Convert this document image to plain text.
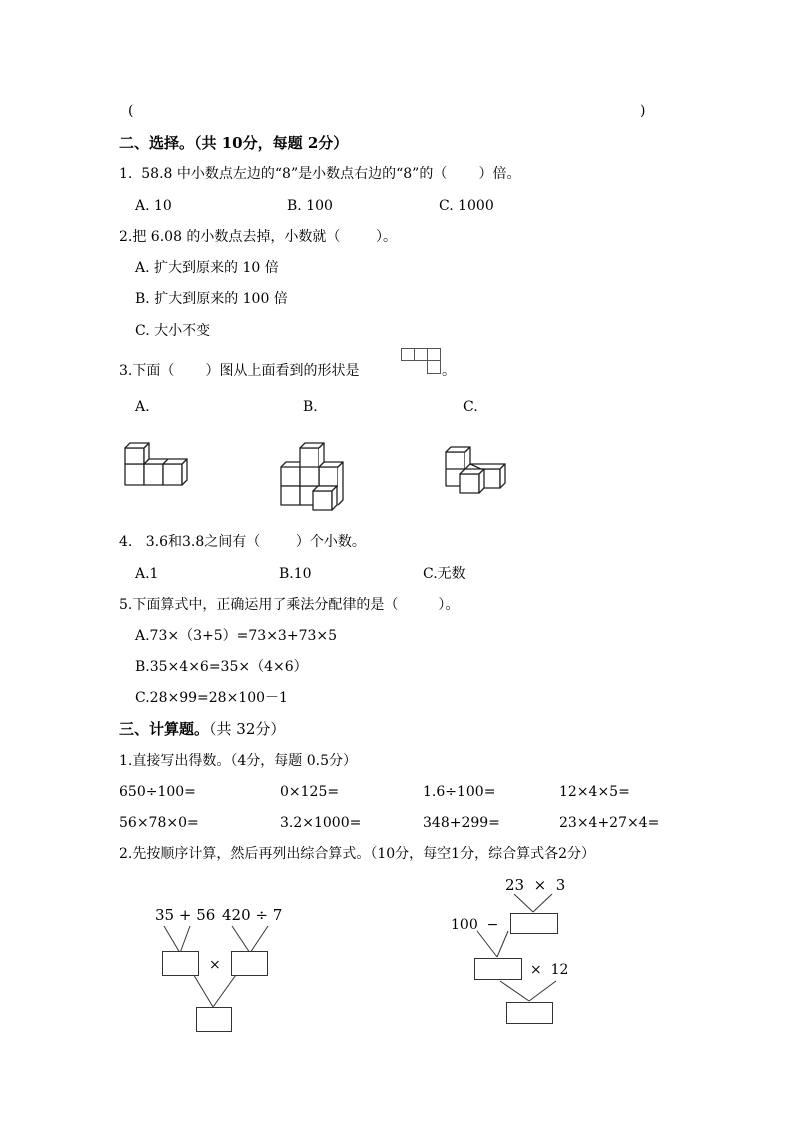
(	)
二、选择。（共 10分，每题 2分）
1.  58.8 中小数点左边的“8”是小数点右边的“8”的（       ）倍。
A. 10	B. 100	C. 1000
2.把 6.08 的小数点去掉，小数就（        ）。
A. 扩大到原来的 10 倍
B. 扩大到原来的 100 倍
C. 大小不变
3.下面（       ）图从上面看到的形状是	。
A.	B.	C.
4.   3.6和3.8之间有（        ）个小数。
A.1	B.10	C.无数
5.下面算式中，正确运用了乘法分配律的是（         ）。
A.73×（3+5）=73×3+73×5
B.35×4×6=35×（4×6）
C.28×99=28×100－1
三、计算题。（共 32分）
1.直接写出得数。（4分，每题 0.5分）
650÷100=	0×125=	1.6÷100=	12×4×5=
56×78×0=	3.2×1000=	348+299=	23×4+27×4=
2.先按顺序计算，然后再列出综合算式。（10分，每空1分，综合算式各2分）
35 + 56 420 ÷ 7
×
23  ×  3
100  −
×  12
